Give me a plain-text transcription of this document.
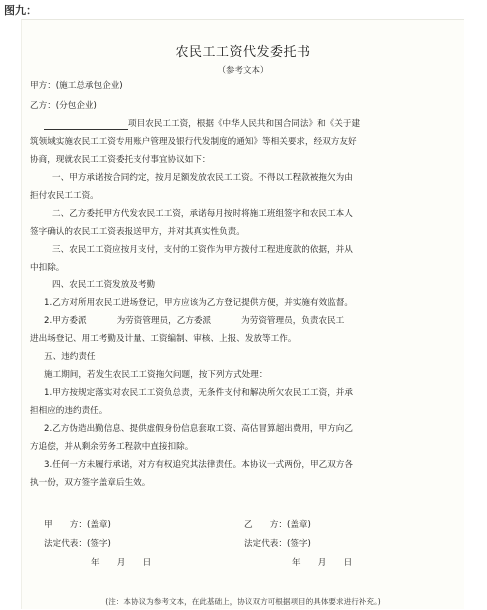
图九：
农民工工资代发委托书
（参考文本）
甲方：(施工总承包企业)
乙方：(分包企业)
项目农民工工资，根据《中华人民共和国合同法》和《关于建
筑领域实施农民工工资专用账户管理及银行代发制度的通知》等相关要求，经双方友好
协商，现就农民工工资委托支付事宜协议如下：
一、甲方承诺按合同约定，按月足额发放农民工工资。不得以工程款被拖欠为由
拒付农民工工资。
二、乙方委托甲方代发农民工工资，承诺每月按时将施工班组签字和农民工本人
签字确认的农民工工资表报送甲方，并对其真实性负责。
三、农民工工资应按月支付，支付的工资作为甲方拨付工程进度款的依据，并从
中扣除。
四、农民工工资发放及考勤
1.乙方对所用农民工进场登记，甲方应该为乙方登记提供方便，并实施有效监督。
2.甲方委派	为劳资管理员，乙方委派	为劳资管理员，负责农民工
进出场登记、用工考勤及计量、工资编制、审核、上报、发放等工作。
五、违约责任
施工期间，若发生农民工工资拖欠问题，按下列方式处理：
1.甲方按规定落实对农民工工资负总责，无条件支付和解决所欠农民工工资，并承
担相应的违约责任。
2.乙方伪造出勤信息、提供虚假身份信息套取工资、高估冒算超出费用，甲方向乙
方追偿，并从剩余劳务工程款中直接扣除。
3.任何一方未履行承诺，对方有权追究其法律责任。本协议一式两份，甲乙双方各
执一份，双方签字盖章后生效。
甲　　方：(盖章)	乙　　方：(盖章)
法定代表：(签字)	法定代表：(签字)
年　　月　　日	年　　月　　日
(注：本协议为参考文本，在此基础上，协议双方可根据项目的具体要求进行补充。)
